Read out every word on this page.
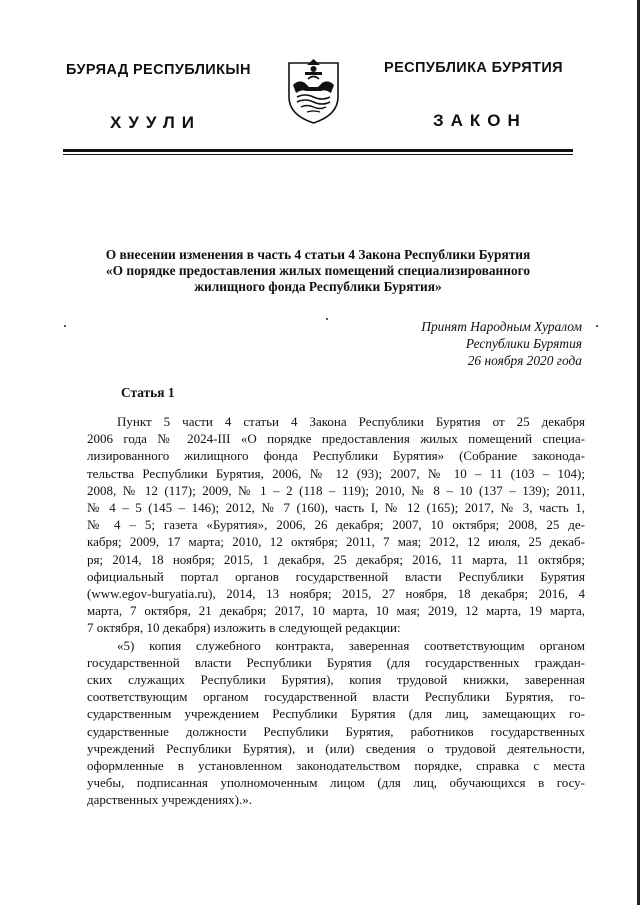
БУРЯАД РЕСПУБЛИКЫН	РЕСПУБЛИКА БУРЯТИЯ
ХУУЛИ	ЗАКОН
О внесении изменения в часть 4 статьи 4 Закона Республики Бурятия
«О порядке предоставления жилых помещений специализированного
жилищного фонда Республики Бурятия»
Принят Народным Хуралом
Республики Бурятия
26 ноября 2020 года
Статья 1
Пункт 5 части 4 статьи 4 Закона Республики Бурятия от 25 декабря
2006 года № 2024-III «О порядке предоставления жилых помещений специа-
лизированного жилищного фонда Республики Бурятия» (Собрание законода-
тельства Республики Бурятия, 2006, № 12 (93); 2007, № 10 – 11 (103 – 104);
2008, № 12 (117); 2009, № 1 – 2 (118 – 119); 2010, № 8 – 10 (137 – 139); 2011,
№ 4 – 5 (145 – 146); 2012, № 7 (160), часть I, № 12 (165); 2017, № 3, часть 1,
№ 4 – 5; газета «Бурятия», 2006, 26 декабря; 2007, 10 октября; 2008, 25 де-
кабря; 2009, 17 марта; 2010, 12 октября; 2011, 7 мая; 2012, 12 июля, 25 декаб-
ря; 2014, 18 ноября; 2015, 1 декабря, 25 декабря; 2016, 11 марта, 11 октября;
официальный портал органов государственной власти Республики Бурятия
(www.egov-buryatia.ru), 2014, 13 ноября; 2015, 27 ноября, 18 декабря; 2016, 4
марта, 7 октября, 21 декабря; 2017, 10 марта, 10 мая; 2019, 12 марта, 19 марта,
7 октября, 10 декабря) изложить в следующей редакции:
«5) копия служебного контракта, заверенная соответствующим органом
государственной власти Республики Бурятия (для государственных граждан-
ских служащих Республики Бурятия), копия трудовой книжки, заверенная
соответствующим органом государственной власти Республики Бурятия, го-
сударственным учреждением Республики Бурятия (для лиц, замещающих го-
сударственные должности Республики Бурятия, работников государственных
учреждений Республики Бурятия), и (или) сведения о трудовой деятельности,
оформленные в установленном законодательством порядке, справка с места
учебы, подписанная уполномоченным лицом (для лиц, обучающихся в госу-
дарственных учреждениях).».
